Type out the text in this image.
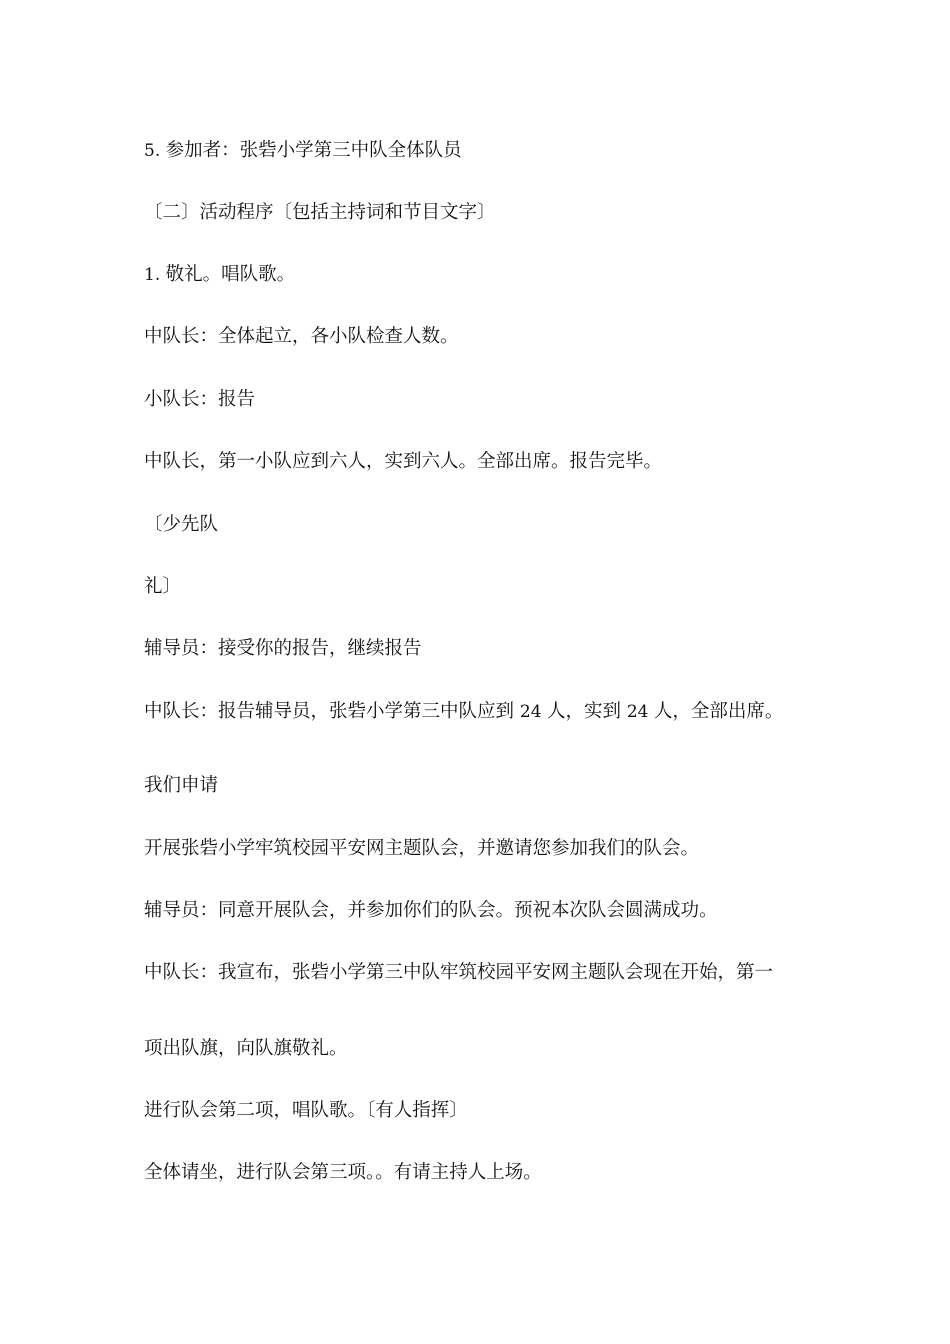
5. 参加者：张砦小学第三中队全体队员

〔二〕活动程序〔包括主持词和节目文字〕

1. 敬礼。唱队歌。

中队长：全体起立，各小队检查人数。

小队长：报告

中队长，第一小队应到六人，实到六人。全部出席。报告完毕。

〔少先队

礼〕

辅导员：接受你的报告，继续报告

中队长：报告辅导员，张砦小学第三中队应到 24 人，实到 24 人，全部出席。

我们申请

开展张砦小学牢筑校园平安网主题队会，并邀请您参加我们的队会。

辅导员：同意开展队会，并参加你们的队会。预祝本次队会圆满成功。

中队长：我宣布，张砦小学第三中队牢筑校园平安网主题队会现在开始，第一

项出队旗，向队旗敬礼。

进行队会第二项，唱队歌。〔有人指挥〕

全体请坐，进行队会第三项。。有请主持人上场。
